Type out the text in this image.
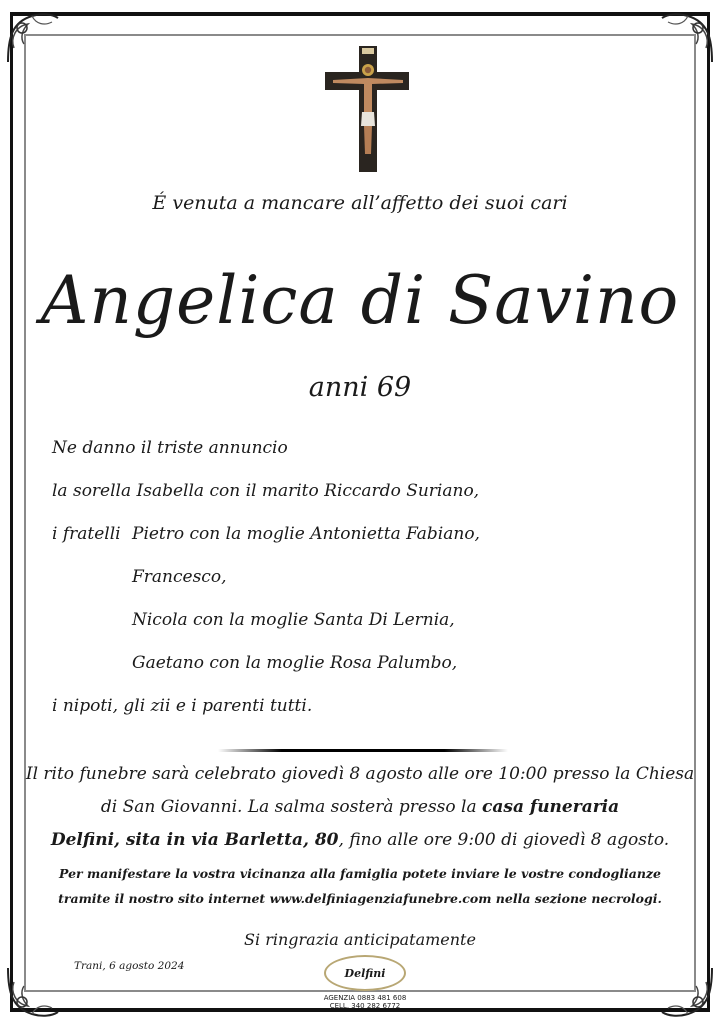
É venuta a mancare all’affetto dei suoi cari
Angelica di Savino
anni 69
Ne danno il triste annuncio
la sorella Isabella con il marito Riccardo Suriano,
i fratelli Pietro con la moglie Antonietta Fabiano,
Francesco,
Nicola con la moglie Santa Di Lernia,
Gaetano con la moglie Rosa Palumbo,
i nipoti, gli zii e i parenti tutti.
Il rito funebre sarà celebrato giovedì 8 agosto alle ore 10:00 presso la Chiesa
di San Giovanni. La salma sosterà presso la casa funeraria
Delfini, sita in via Barletta, 80, fino alle ore 9:00 di giovedì 8 agosto.
Per manifestare la vostra vicinanza alla famiglia potete inviare le vostre condoglianze
tramite il nostro sito internet www.delfiniagenziafunebre.com nella sezione necrologi.
Si ringrazia anticipatamente
Trani, 6 agosto 2024
Delfini
AGENZIA 0883 481 608
CELL. 340 282 6772
